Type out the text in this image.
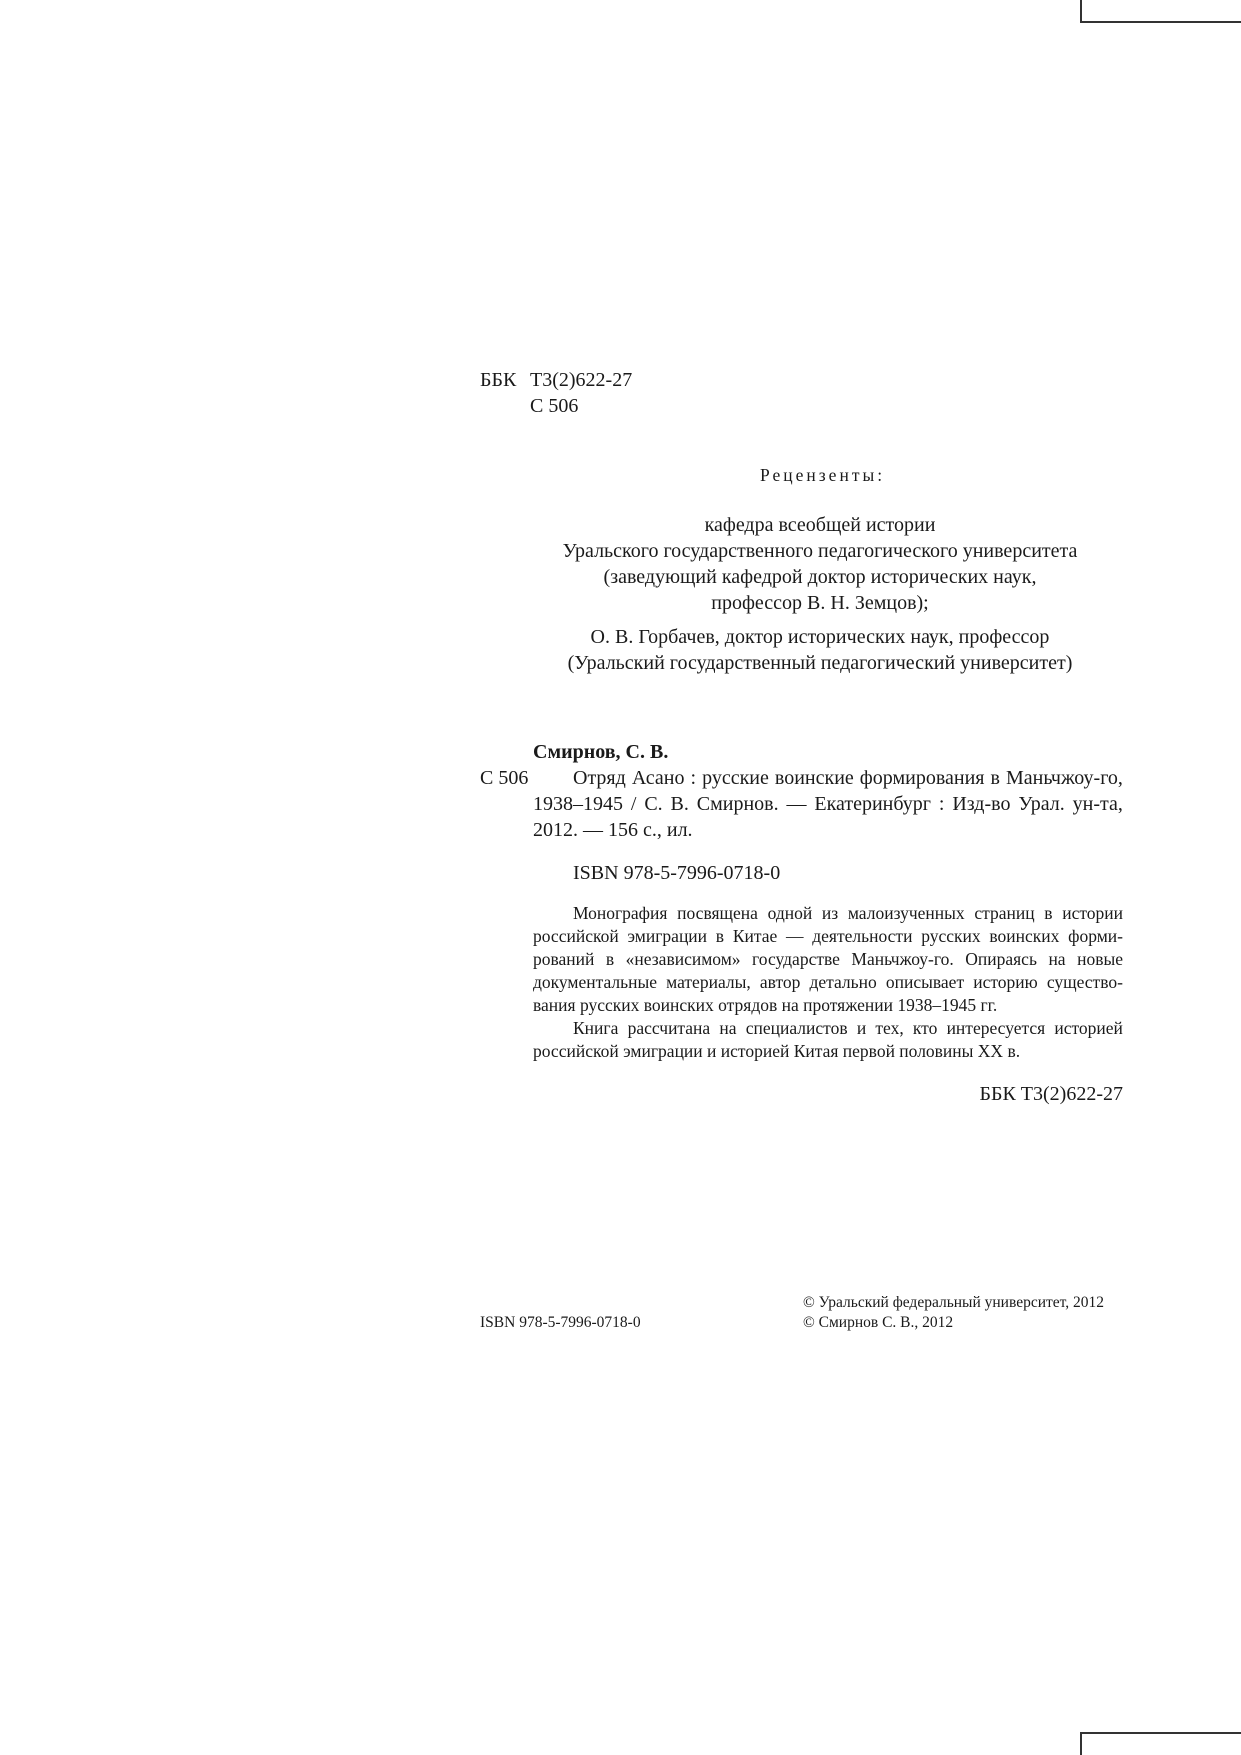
ББК Т3(2)622-27
С 506
Рецензенты:
кафедра всеобщей истории
Уральского государственного педагогического университета
(заведующий кафедрой доктор исторических наук,
профессор В. Н. Земцов);
О. В. Горбачев, доктор исторических наук, профессор
(Уральский государственный педагогический университет)
Смирнов, С. В.
С 506 Отряд Асано : русские воинские формирования в Маньчжоу-го,
1938–1945 / С. В. Смирнов. — Екатеринбург : Изд-во Урал. ун-та,
2012. — 156 с., ил.
ISBN 978-5-7996-0718-0
Монография посвящена одной из малоизученных страниц в истории
российской эмиграции в Китае — деятельности русских воинских форми-
рований в «независимом» государстве Маньчжоу-го. Опираясь на новые
документальные материалы, автор детально описывает историю существо-
вания русских воинских отрядов на протяжении 1938–1945 гг.
Книга рассчитана на специалистов и тех, кто интересуется историей
российской эмиграции и историей Китая первой половины ХХ в.
ББК Т3(2)622-27
ISBN 978-5-7996-0718-0
© Уральский федеральный университет, 2012
© Смирнов С. В., 2012
